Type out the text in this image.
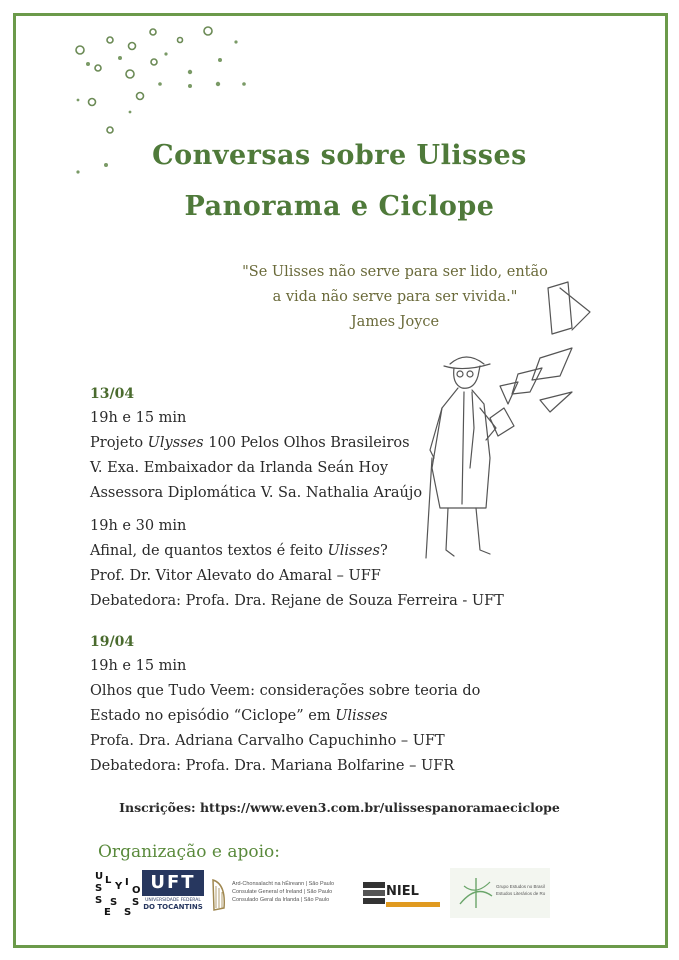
Conversas sobre Ulisses
Panorama e Ciclope
"Se Ulisses não serve para ser lido, então
a vida não serve para ser vivida."
James Joyce
13/04
19h e 15 min
Projeto Ulysses 100 Pelos Olhos Brasileiros
V. Exa. Embaixador da Irlanda Seán Hoy
Assessora Diplomática V. Sa. Nathalia Araújo
19h e 30 min
Afinal, de quantos textos é feito Ulisses?
Prof. Dr. Vitor Alevato do Amaral – UFF
Debatedora: Profa. Dra. Rejane de Souza Ferreira - UFT
19/04
19h e 15 min
Olhos que Tudo Veem: considerações sobre teoria do
Estado no episódio “Ciclope” em Ulisses
Profa. Dra. Adriana Carvalho Capuchinho – UFT
Debatedora: Profa. Dra. Mariana Bolfarine – UFR
Inscrições: https://www.even3.com.br/ulissespanoramaeciclope
Organização e apoio:
U L
Y I
S	O
S S S
E S
UFT
UNIVERSIDADE FEDERAL
DO TOCANTINS
Ard-Chonsalacht na hÉireann | São Paulo
Consulate General of Ireland | São Paulo
Consulado Geral da Irlanda | São Paulo
NIEL	Grupo Estudos no Brasil
Estudos Literários de Ro
